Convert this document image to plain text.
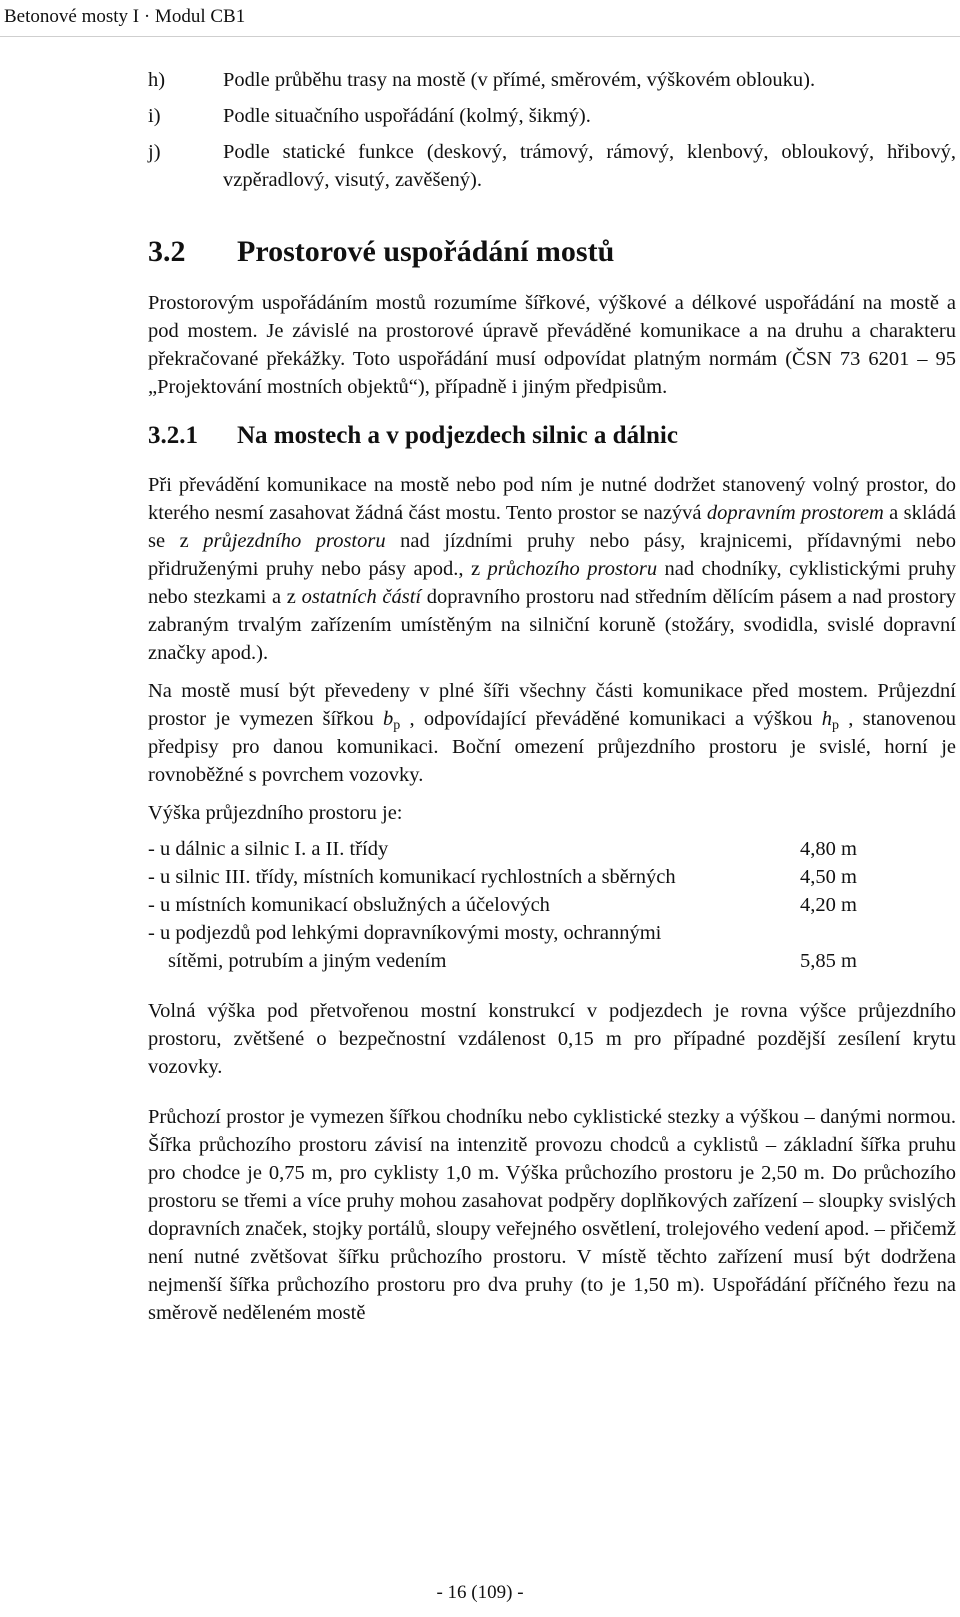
Betonové mosty I · Modul CB1
h)	Podle průběhu trasy na mostě (v přímé, směrovém, výškovém oblouku).
i)	Podle situačního uspořádání (kolmý, šikmý).
j)	Podle statické funkce (deskový, trámový, rámový, klenbový, obloukový, hřibový, vzpěradlový, visutý, zavěšený).
3.2	Prostorové uspořádání mostů

Prostorovým uspořádáním mostů rozumíme šířkové, výškové a délkové uspořádání na mostě a pod mostem. Je závislé na prostorové úpravě převáděné komunikace a na druhu a charakteru překračované překážky. Toto uspořádání musí odpovídat platným normám (ČSN 73 6201 – 95 „Projektování mostních objektů“), případně i jiným předpisům.

3.2.1	Na mostech a v podjezdech silnic a dálnic

Při převádění komunikace na mostě nebo pod ním je nutné dodržet stanovený volný prostor, do kterého nesmí zasahovat žádná část mostu. Tento prostor se nazývá dopravním prostorem a skládá se z průjezdního prostoru nad jízdními pruhy nebo pásy, krajnicemi, přídavnými nebo přidruženými pruhy nebo pásy apod., z průchozího prostoru nad chodníky, cyklistickými pruhy nebo stezkami a z ostatních částí dopravního prostoru nad středním dělícím pásem a nad prostory zabraným trvalým zařízením umístěným na silniční koruně (stožáry, svodidla, svislé dopravní značky apod.).

Na mostě musí být převedeny v plné šíři všechny části komunikace před mostem. Průjezdní prostor je vymezen šířkou $b_p$ , odpovídající převáděné komunikaci a výškou $h_p$ , stanovenou předpisy pro danou komunikaci. Boční omezení průjezdního prostoru je svislé, horní je rovnoběžné s povrchem vozovky.

Výška průjezdního prostoru je:

- u dálnic a silnic I. a II. třídy	4,80 m
- u silnic III. třídy, místních komunikací rychlostních a sběrných	4,50 m
- u místních komunikací obslužných a účelových	4,20 m
- u podjezdů pod lehkými dopravníkovými mosty, ochrannými
sítěmi, potrubím a jiným vedením	5,85 m

Volná výška pod přetvořenou mostní konstrukcí v podjezdech je rovna výšce průjezdního prostoru, zvětšené o bezpečnostní vzdálenost 0,15 m pro případné pozdější zesílení krytu vozovky.

Průchozí prostor je vymezen šířkou chodníku nebo cyklistické stezky a výškou – danými normou. Šířka průchozího prostoru závisí na intenzitě provozu chodců a cyklistů – základní šířka pruhu pro chodce je 0,75 m, pro cyklisty 1,0 m. Výška průchozího prostoru je 2,50 m. Do průchozího prostoru se třemi a více pruhy mohou zasahovat podpěry doplňkových zařízení – sloupky svislých dopravních značek, stojky portálů, sloupy veřejného osvětlení, trolejového vedení apod. – přičemž není nutné zvětšovat šířku průchozího prostoru. V místě těchto zařízení musí být dodržena nejmenší šířka průchozího prostoru pro dva pruhy (to je 1,50 m). Uspořádání příčného řezu na směrově neděleném mostě

- 16 (109) -
